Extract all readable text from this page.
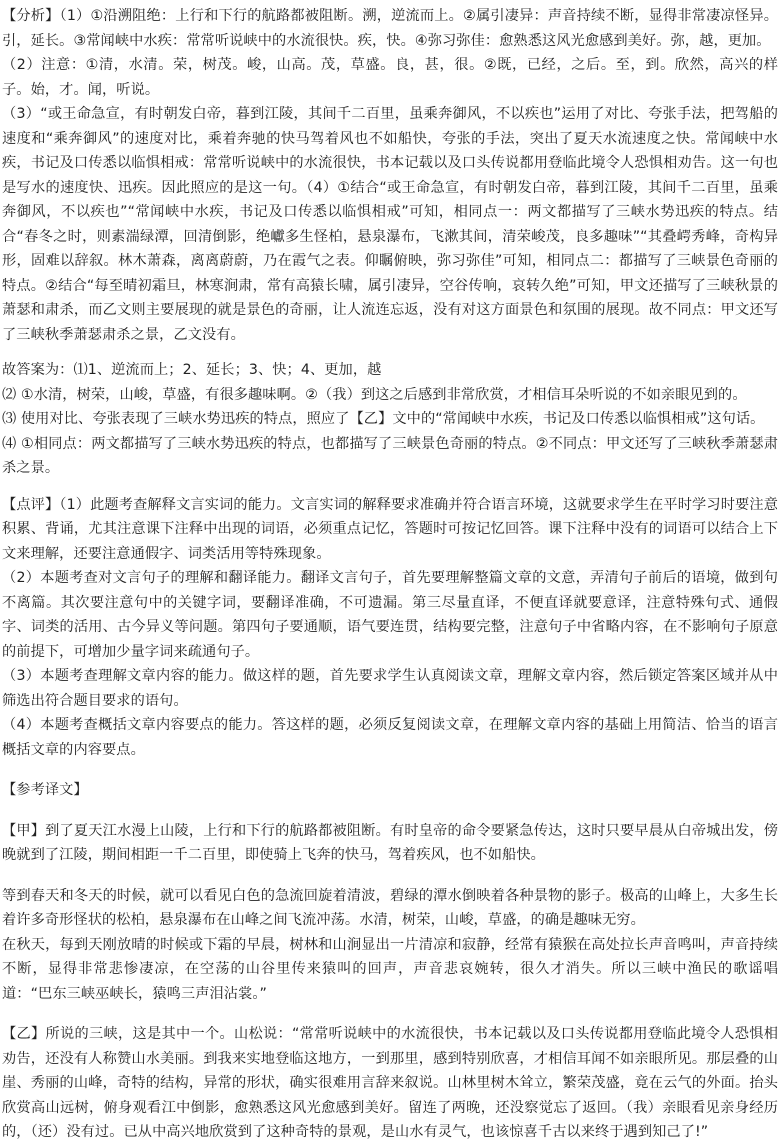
【分析】（1）①沿溯阻绝：上行和下行的航路都被阻断。溯，逆流而上。②属引凄异：声音持续不断，显得非常凄凉怪异。引，延长。③常闻峡中水疾：常常听说峡中的水流很快。疾，快。④弥习弥佳：愈熟悉这风光愈感到美好。弥，越，更加。

（2）注意：①清，水清。荣，树茂。峻，山高。茂，草盛。良，甚，很。②既，已经，之后。至，到。欣然，高兴的样子。始，才。闻，听说。

（3）“或王命急宣，有时朝发白帝，暮到江陵，其间千二百里，虽乘奔御风，不以疾也”运用了对比、夸张手法，把驾船的速度和“乘奔御风”的速度对比，乘着奔驰的快马驾着风也不如船快，夸张的手法，突出了夏天水流速度之快。常闻峡中水疾，书记及口传悉以临惧相戒：常常听说峡中的水流很快，书本记载以及口头传说都用登临此境令人恐惧相劝告。这一句也是写水的速度快、迅疾。因此照应的是这一句。（4）①结合“或王命急宣，有时朝发白帝，暮到江陵，其间千二百里，虽乘奔御风，不以疾也”“常闻峡中水疾，书记及口传悉以临惧相戒”可知，相同点一：两文都描写了三峡水势迅疾的特点。结合“春冬之时，则素湍绿潭，回清倒影，绝巘多生怪柏，悬泉瀑布，飞漱其间，清荣峻茂，良多趣味”“其叠崿秀峰，奇构异形，固难以辞叙。林木萧森，离离蔚蔚，乃在霞气之表。仰瞩俯映，弥习弥佳”可知，相同点二：都描写了三峡景色奇丽的特点。②结合“每至晴初霜旦，林寒涧肃，常有高猿长啸，属引凄异，空谷传响，哀转久绝”可知，甲文还描写了三峡秋景的萧瑟和肃杀，而乙文则主要展现的就是景色的奇丽，让人流连忘返，没有对这方面景色和氛围的展现。故不同点：甲文还写了三峡秋季萧瑟肃杀之景，乙文没有。

故答案为：⑴1、逆流而上；2、延长；3、快；4、更加，越

⑵ ①水清，树荣，山峻，草盛，有很多趣味啊。②（我）到这之后感到非常欣赏，才相信耳朵听说的不如亲眼见到的。

⑶ 使用对比、夸张表现了三峡水势迅疾的特点，照应了【乙】文中的“常闻峡中水疾，书记及口传悉以临惧相戒”这句话。

⑷ ①相同点：两文都描写了三峡水势迅疾的特点，也都描写了三峡景色奇丽的特点。②不同点：甲文还写了三峡秋季萧瑟肃杀之景。

【点评】（1）此题考查解释文言实词的能力。文言实词的解释要求准确并符合语言环境，这就要求学生在平时学习时要注意积累、背诵，尤其注意课下注释中出现的词语，必须重点记忆，答题时可按记忆回答。课下注释中没有的词语可以结合上下文来理解，还要注意通假字、词类活用等特殊现象。

（2）本题考查对文言句子的理解和翻译能力。翻译文言句子，首先要理解整篇文章的文意，弄清句子前后的语境，做到句不离篇。其次要注意句中的关键字词，要翻译准确，不可遗漏。第三尽量直译，不便直译就要意译，注意特殊句式、通假字、词类的活用、古今异义等问题。第四句子要通顺，语气要连贯，结构要完整，注意句子中省略内容，在不影响句子原意的前提下，可增加少量字词来疏通句子。

（3）本题考查理解文章内容的能力。做这样的题，首先要求学生认真阅读文章，理解文章内容，然后锁定答案区域并从中筛选出符合题目要求的语句。

（4）本题考查概括文章内容要点的能力。答这样的题，必须反复阅读文章，在理解文章内容的基础上用简洁、恰当的语言概括文章的内容要点。

【参考译文】

【甲】到了夏天江水漫上山陵，上行和下行的航路都被阻断。有时皇帝的命令要紧急传达，这时只要早晨从白帝城出发，傍晚就到了江陵，期间相距一千二百里，即使骑上飞奔的快马，驾着疾风，也不如船快。

等到春天和冬天的时候，就可以看见白色的急流回旋着清波，碧绿的潭水倒映着各种景物的影子。极高的山峰上，大多生长着许多奇形怪状的松柏，悬泉瀑布在山峰之间飞流冲荡。水清，树荣，山峻，草盛，的确是趣味无穷。

在秋天，每到天刚放晴的时候或下霜的早晨，树林和山涧显出一片清凉和寂静，经常有猿猴在高处拉长声音鸣叫，声音持续不断，显得非常悲惨凄凉，在空荡的山谷里传来猿叫的回声，声音悲哀婉转，很久才消失。所以三峡中渔民的歌谣唱道：“巴东三峡巫峡长，猿鸣三声泪沾裳。”

【乙】所说的三峡，这是其中一个。山松说：“常常听说峡中的水流很快，书本记载以及口头传说都用登临此境令人恐惧相劝告，还没有人称赞山水美丽。到我来实地登临这地方，一到那里，感到特别欣喜，才相信耳闻不如亲眼所见。那层叠的山崖、秀丽的山峰，奇特的结构，异常的形状，确实很难用言辞来叙说。山林里树木耸立，繁荣茂盛，竟在云气的外面。抬头欣赏高山远树，俯身观看江中倒影，愈熟悉这风光愈感到美好。留连了两晚，还没察觉忘了返回。（我）亲眼看见亲身经历的，（还）没有过。已从中高兴地欣赏到了这种奇特的景观，是山水有灵气，也该惊喜千古以来终于遇到知己了!”
